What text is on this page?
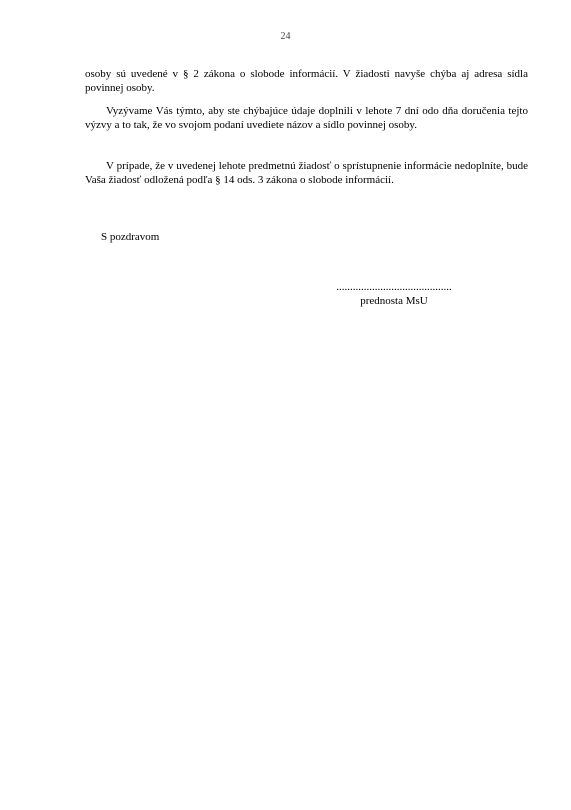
24

osoby sú uvedené v § 2 zákona o slobode informácií. V žiadosti navyše chýba aj adresa sídla povinnej osoby.

Vyzývame Vás týmto, aby ste chýbajúce údaje doplnili v lehote 7 dní odo dňa doručenia tejto výzvy a to tak, že vo svojom podaní uvediete názov a sídlo povinnej osoby.

V prípade, že v uvedenej lehote predmetnú žiadosť o sprístupnenie informácie nedoplníte, bude Vaša žiadosť odložená podľa § 14 ods. 3 zákona o slobode informácií.

S pozdravom
..........................................
prednosta MsU
